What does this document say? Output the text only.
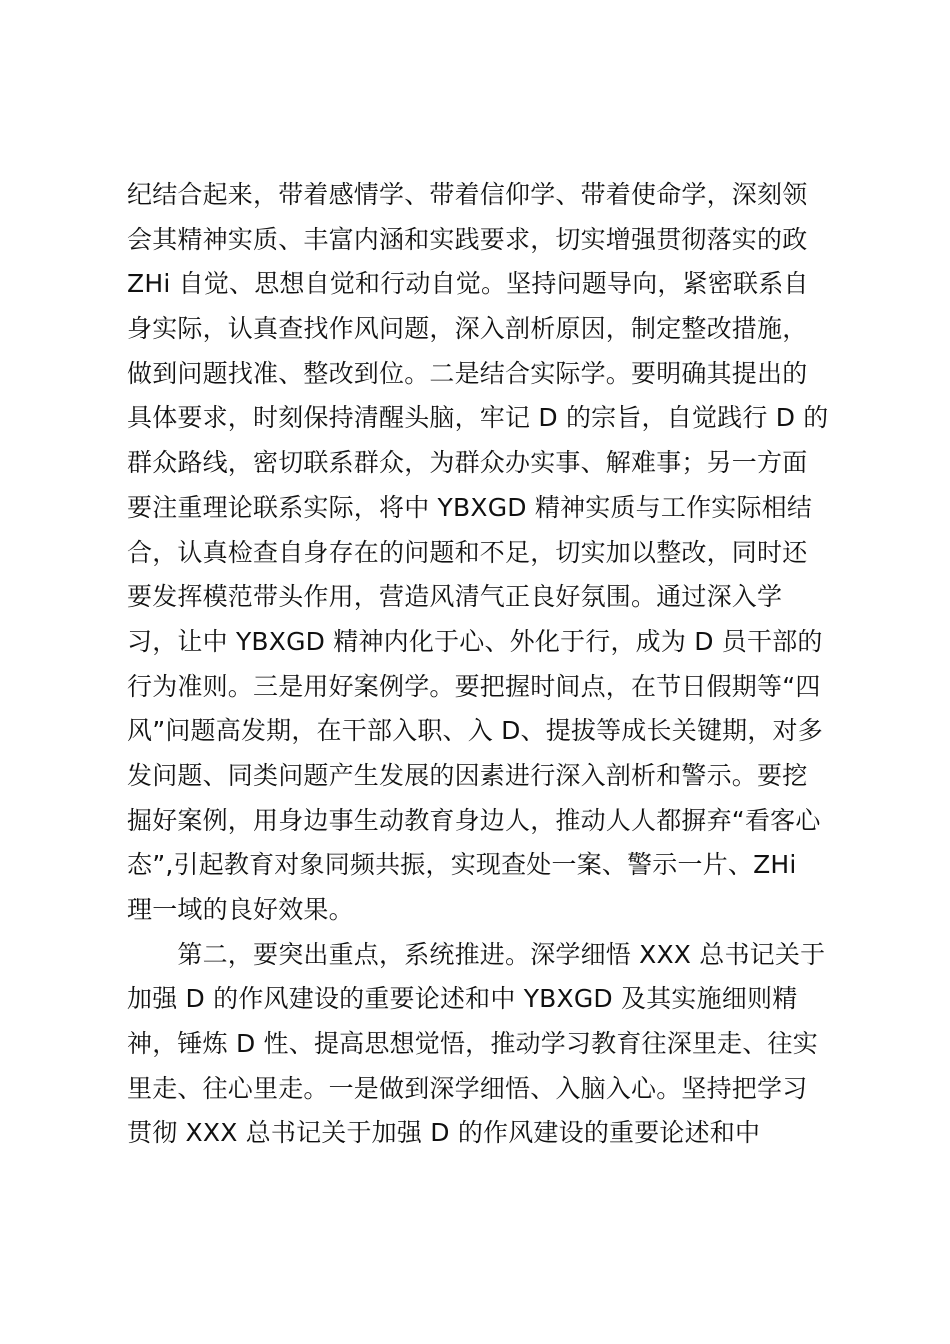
纪结合起来，带着感情学、带着信仰学、带着使命学，深刻领
会其精神实质、丰富内涵和实践要求，切实增强贯彻落实的政
ZHi 自觉、思想自觉和行动自觉。坚持问题导向，紧密联系自
身实际，认真查找作风问题，深入剖析原因，制定整改措施，
做到问题找准、整改到位。二是结合实际学。要明确其提出的
具体要求，时刻保持清醒头脑，牢记 D 的宗旨，自觉践行 D 的
群众路线，密切联系群众，为群众办实事、解难事；另一方面
要注重理论联系实际，将中 YBXGD 精神实质与工作实际相结
合，认真检查自身存在的问题和不足，切实加以整改，同时还
要发挥模范带头作用，营造风清气正良好氛围。通过深入学
习，让中 YBXGD 精神内化于心、外化于行，成为 D 员干部的
行为准则。三是用好案例学。要把握时间点，在节日假期等“四
风”问题高发期，在干部入职、入 D、提拔等成长关键期，对多
发问题、同类问题产生发展的因素进行深入剖析和警示。要挖
掘好案例，用身边事生动教育身边人，推动人人都摒弃“看客心
态”,引起教育对象同频共振，实现查处一案、警示一片、ZHi
理一域的良好效果。
　　第二，要突出重点，系统推进。深学细悟 XXX 总书记关于
加强 D 的作风建设的重要论述和中 YBXGD 及其实施细则精
神，锤炼 D 性、提高思想觉悟，推动学习教育往深里走、往实
里走、往心里走。一是做到深学细悟、入脑入心。坚持把学习
贯彻 XXX 总书记关于加强 D 的作风建设的重要论述和中
